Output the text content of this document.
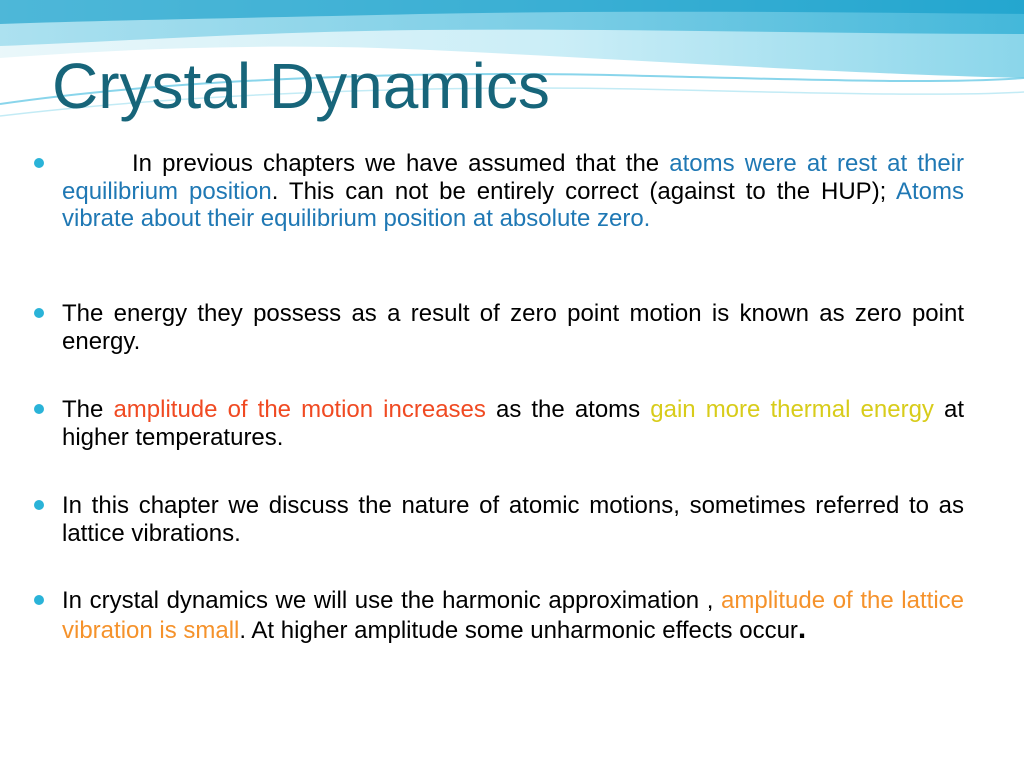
Crystal Dynamics
In previous chapters we have assumed that the atoms were at rest at their equilibrium position. This can not be entirely correct (against to the HUP); Atoms vibrate about their equilibrium position at absolute zero.
The energy they possess as a result of zero point motion is known as zero point energy.
The amplitude of the motion increases as the atoms gain more thermal energy at higher temperatures.
In this chapter we discuss the nature of atomic motions, sometimes referred to as lattice vibrations.
In crystal dynamics we will use the harmonic approximation , amplitude of the lattice vibration is small. At higher amplitude some unharmonic effects occur.
